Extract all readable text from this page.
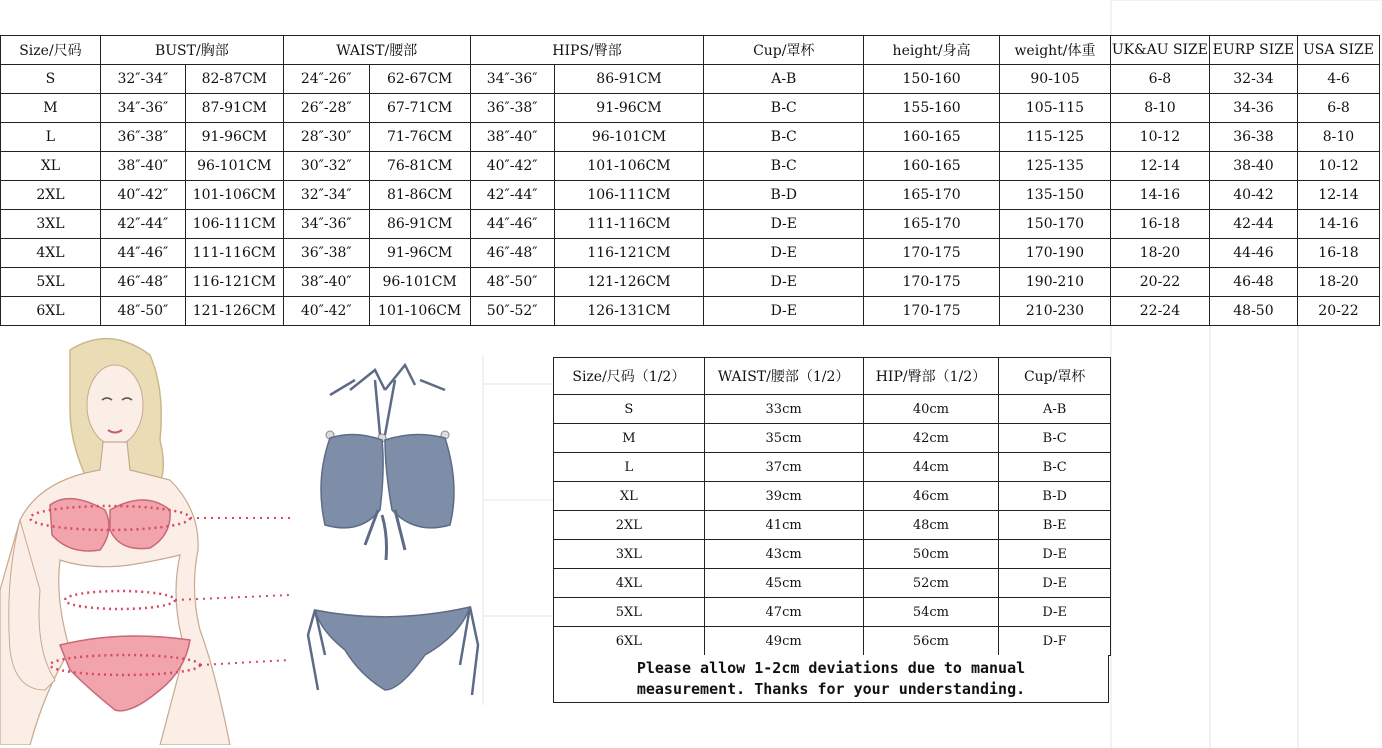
Size/尺码	BUST/胸部		WAIST/腰部		HIPS/臀部		Cup/罩杯	height/身高	weight/体重	UK&AU SIZE	EURP SIZE	USA SIZE
S	32″-34″	82-87CM	24″-26″	62-67CM	34″-36″	86-91CM	A-B	150-160	90-105	6-8	32-34	4-6
M	34″-36″	87-91CM	26″-28″	67-71CM	36″-38″	91-96CM	B-C	155-160	105-115	8-10	34-36	6-8
L	36″-38″	91-96CM	28″-30″	71-76CM	38″-40″	96-101CM	B-C	160-165	115-125	10-12	36-38	8-10
XL	38″-40″	96-101CM	30″-32″	76-81CM	40″-42″	101-106CM	B-C	160-165	125-135	12-14	38-40	10-12
2XL	40″-42″	101-106CM	32″-34″	81-86CM	42″-44″	106-111CM	B-D	165-170	135-150	14-16	40-42	12-14
3XL	42″-44″	106-111CM	34″-36″	86-91CM	44″-46″	111-116CM	D-E	165-170	150-170	16-18	42-44	14-16
4XL	44″-46″	111-116CM	36″-38″	91-96CM	46″-48″	116-121CM	D-E	170-175	170-190	18-20	44-46	16-18
5XL	46″-48″	116-121CM	38″-40″	96-101CM	48″-50″	121-126CM	D-E	170-175	190-210	20-22	46-48	18-20
6XL	48″-50″	121-126CM	40″-42″	101-106CM	50″-52″	126-131CM	D-E	170-175	210-230	22-24	48-50	20-22
Size/尺码（1/2）	WAIST/腰部（1/2）	HIP/臀部（1/2）	Cup/罩杯
S	33cm	40cm	A-B
M	35cm	42cm	B-C
L	37cm	44cm	B-C
XL	39cm	46cm	B-D
2XL	41cm	48cm	B-E
3XL	43cm	50cm	D-E
4XL	45cm	52cm	D-E
5XL	47cm	54cm	D-E
6XL	49cm	56cm	D-F
Please allow 1-2cm deviations due to manual
measurement. Thanks for your understanding.
